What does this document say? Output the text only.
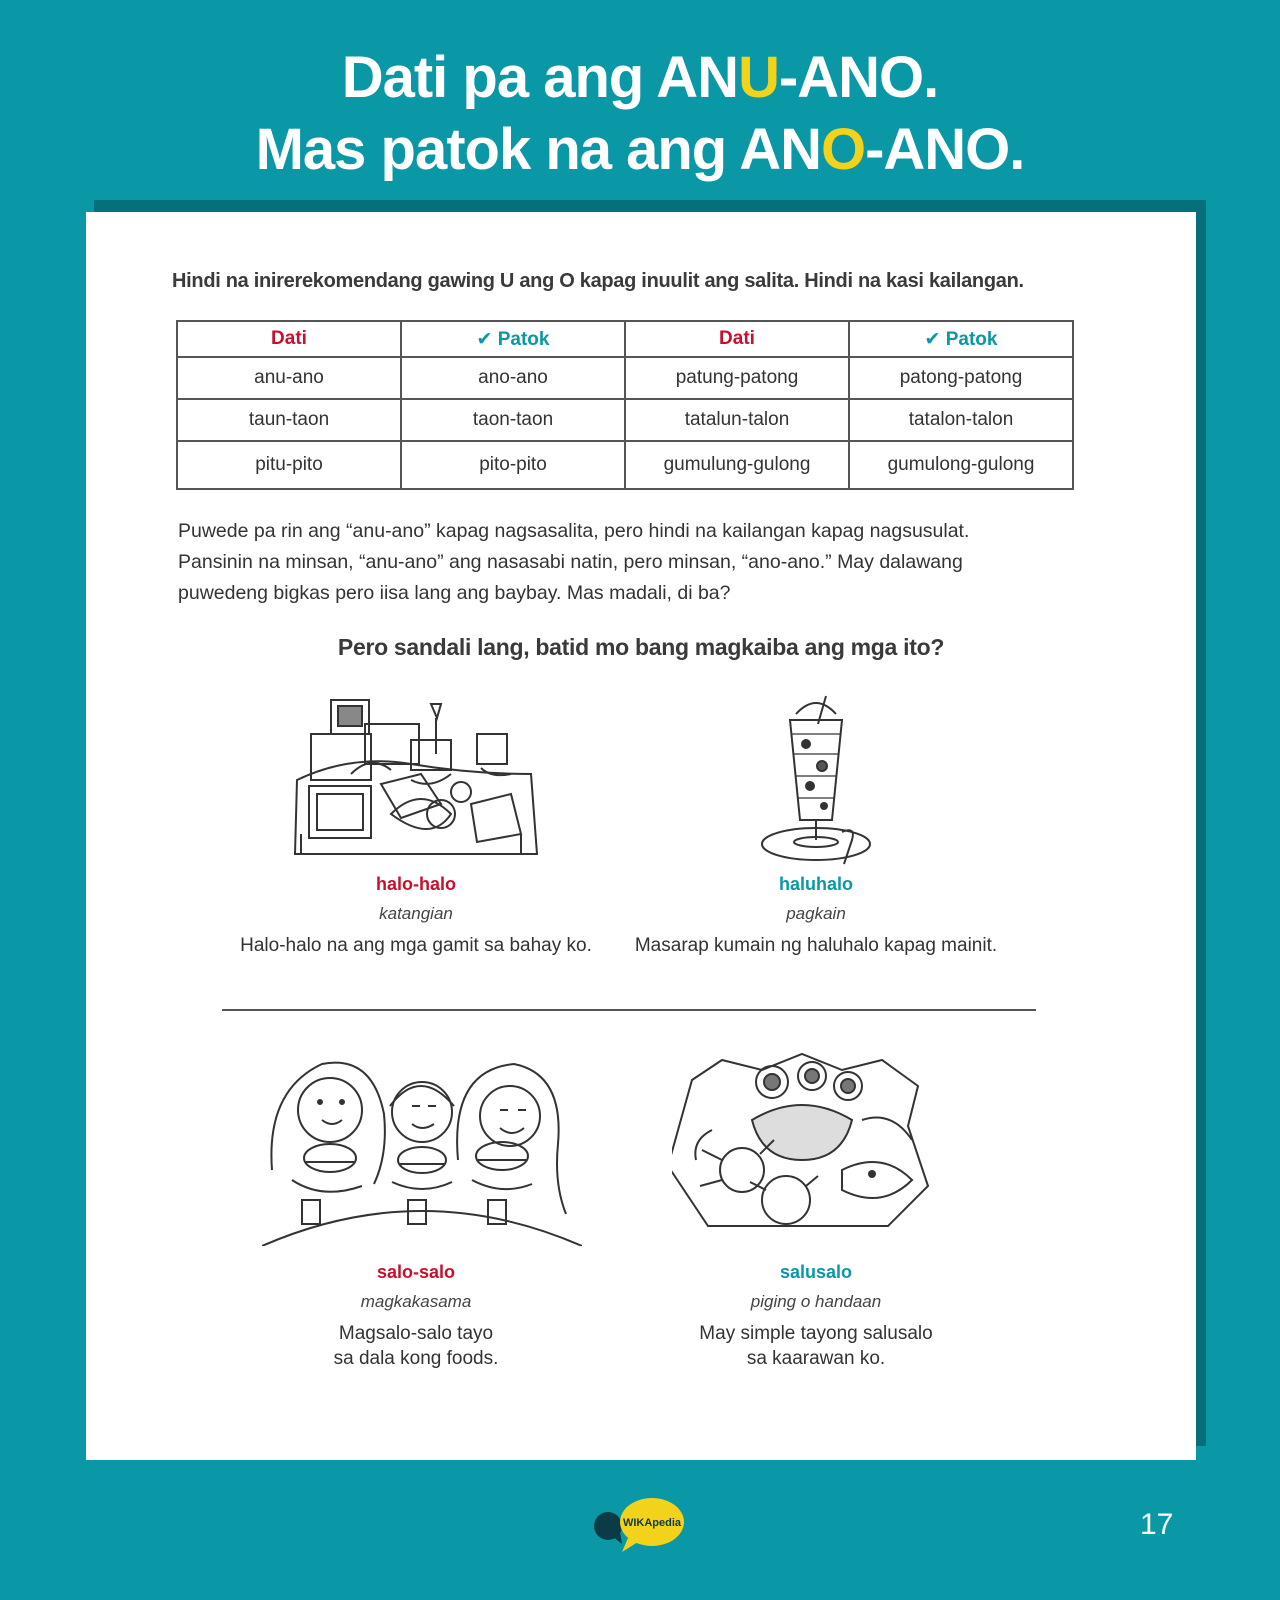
Dati pa ang ANU-ANO.
Mas patok na ang ANO-ANO.
Hindi na inirerekomendang gawing U ang O kapag inuulit ang salita. Hindi na kasi kailangan.
Dati	✔ Patok	Dati	✔ Patok
anu-ano	ano-ano	patung-patong	patong-patong
taun-taon	taon-taon	tatalun-talon	tatalon-talon
pitu-pito	pito-pito	gumulung-gulong	gumulong-gulong
Puwede pa rin ang “anu-ano” kapag nagsasalita, pero hindi na kailangan kapag nagsusulat.
Pansinin na minsan, “anu-ano” ang nasasabi natin, pero minsan, “ano-ano.” May dalawang
puwedeng bigkas pero iisa lang ang baybay. Mas madali, di ba?
Pero sandali lang, batid mo bang magkaiba ang mga ito?
halo-halo
katangian
Halo-halo na ang mga gamit sa bahay ko.
haluhalo
pagkain
Masarap kumain ng haluhalo kapag mainit.
salo-salo
magkakasama
Magsalo-salo tayo
sa dala kong foods.
salusalo
piging o handaan
May simple tayong salusalo
sa kaarawan ko.
WIKApedia	17
